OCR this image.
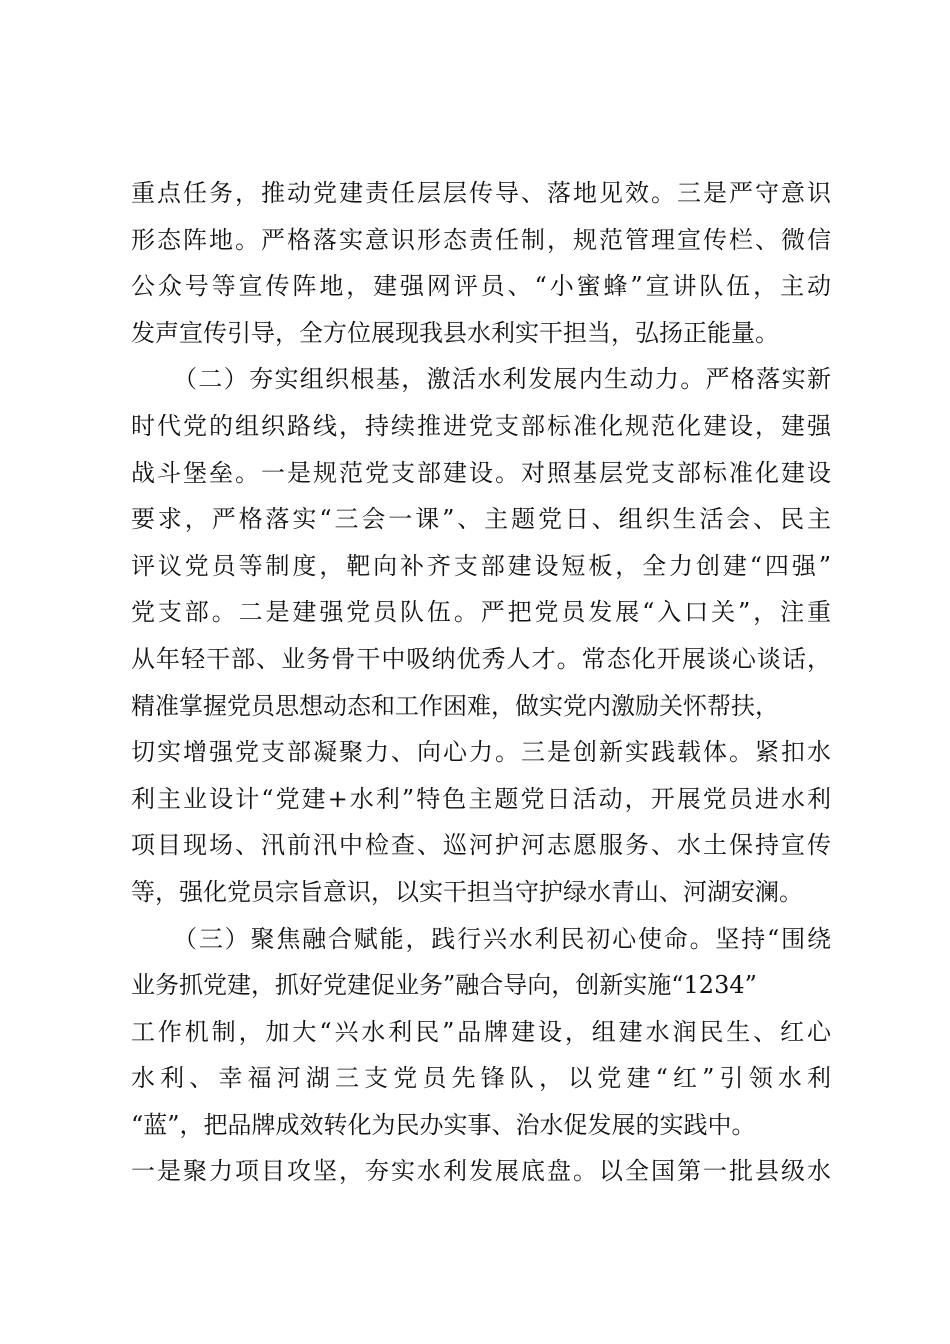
重点任务，推动党建责任层层传导、落地见效。三是严守意识
形态阵地。严格落实意识形态责任制，规范管理宣传栏、微信
公众号等宣传阵地，建强网评员、“小蜜蜂”宣讲队伍，主动
发声宣传引导，全方位展现我县水利实干担当，弘扬正能量。
（二）夯实组织根基，激活水利发展内生动力。严格落实新
时代党的组织路线，持续推进党支部标准化规范化建设，建强
战斗堡垒。一是规范党支部建设。对照基层党支部标准化建设
要求，严格落实“三会一课”、主题党日、组织生活会、民主
评议党员等制度，靶向补齐支部建设短板，全力创建“四强”
党支部。二是建强党员队伍。严把党员发展“入口关”，注重
从年轻干部、业务骨干中吸纳优秀人才。常态化开展谈心谈话，
精准掌握党员思想动态和工作困难，做实党内激励关怀帮扶，
切实增强党支部凝聚力、向心力。三是创新实践载体。紧扣水
利主业设计“党建+水利”特色主题党日活动，开展党员进水利
项目现场、汛前汛中检查、巡河护河志愿服务、水土保持宣传
等，强化党员宗旨意识，以实干担当守护绿水青山、河湖安澜。
（三）聚焦融合赋能，践行兴水利民初心使命。坚持“围绕
业务抓党建，抓好党建促业务”融合导向，创新实施“1234”
工作机制，加大“兴水利民”品牌建设，组建水润民生、红心
水利、幸福河湖三支党员先锋队，以党建“红”引领水利
“蓝”，把品牌成效转化为民办实事、治水促发展的实践中。
一是聚力项目攻坚，夯实水利发展底盘。以全国第一批县级水
